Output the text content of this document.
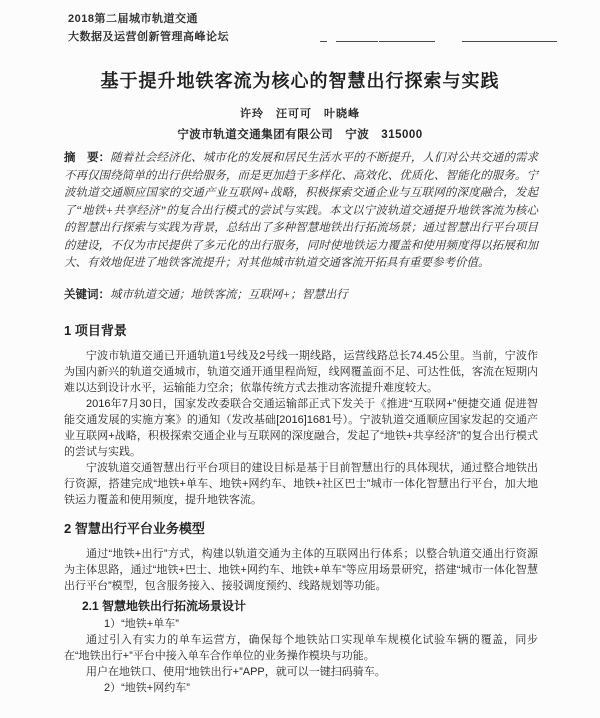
2018第二届城市轨道交通
大数据及运营创新管理高峰论坛
基于提升地铁客流为核心的智慧出行探索与实践
许玲　汪可可　叶晓峰
宁波市轨道交通集团有限公司　宁波　315000
摘　要：随着社会经济化、城市化的发展和居民生活水平的不断提升，人们对公共交通的需求不再仅围绕简单的出行供给服务，而是更加趋于多样化、高效化、优质化、智能化的服务。宁波轨道交通顺应国家的交通产业互联网+战略，积极探索交通企业与互联网的深度融合，发起了“地铁+共享经济”的复合出行模式的尝试与实践。本文以宁波轨道交通提升地铁客流为核心的智慧出行探索与实践为背景，总结出了多种智慧地铁出行拓流场景；通过智慧出行平台项目的建设，不仅为市民提供了多元化的出行服务，同时使地铁运力覆盖和使用频度得以拓展和加大、有效地促进了地铁客流提升；对其他城市轨道交通客流开拓具有重要参考价值。
关键词：城市轨道交通；地铁客流；互联网+；智慧出行
1 项目背景

宁波市轨道交通已开通轨道1号线及2号线一期线路，运营线路总长74.45公里。当前，宁波作为国内新兴的轨道交通城市，轨道交通开通里程尚短，线网覆盖面不足、可达性低，客流在短期内难以达到设计水平，运输能力空余；依靠传统方式去推动客流提升难度较大。

2016年7月30日，国家发改委联合交通运输部正式下发关于《推进“互联网+”便捷交通 促进智能交通发展的实施方案》的通知（发改基础[2016]1681号）。宁波轨道交通顺应国家发起的交通产业互联网+战略，积极探索交通企业与互联网的深度融合，发起了“地铁+共享经济”的复合出行模式的尝试与实践。

宁波轨道交通智慧出行平台项目的建设目标是基于目前智慧出行的具体现状，通过整合地铁出行资源，搭建完成“地铁+单车、地铁+网约车、地铁+社区巴士”城市一体化智慧出行平台，加大地铁运力覆盖和使用频度，提升地铁客流。

2 智慧出行平台业务模型

通过“地铁+出行”方式，构建以轨道交通为主体的互联网出行体系；以整合轨道交通出行资源为主体思路，通过“地铁+巴士、地铁+网约车、地铁+单车”等应用场景研究，搭建“城市一体化智慧出行平台”模型，包含服务接入、接驳调度预约、线路规划等功能。

2.1 智慧地铁出行拓流场景设计

1）“地铁+单车”

通过引入有实力的单车运营方，确保每个地铁站口实现单车规模化试验车辆的覆盖，同步在“地铁出行+”平台中接入单车合作单位的业务操作模块与功能。

用户在地铁口、使用“地铁出行+”APP，就可以一键扫码骑车。

2）“地铁+网约车”
